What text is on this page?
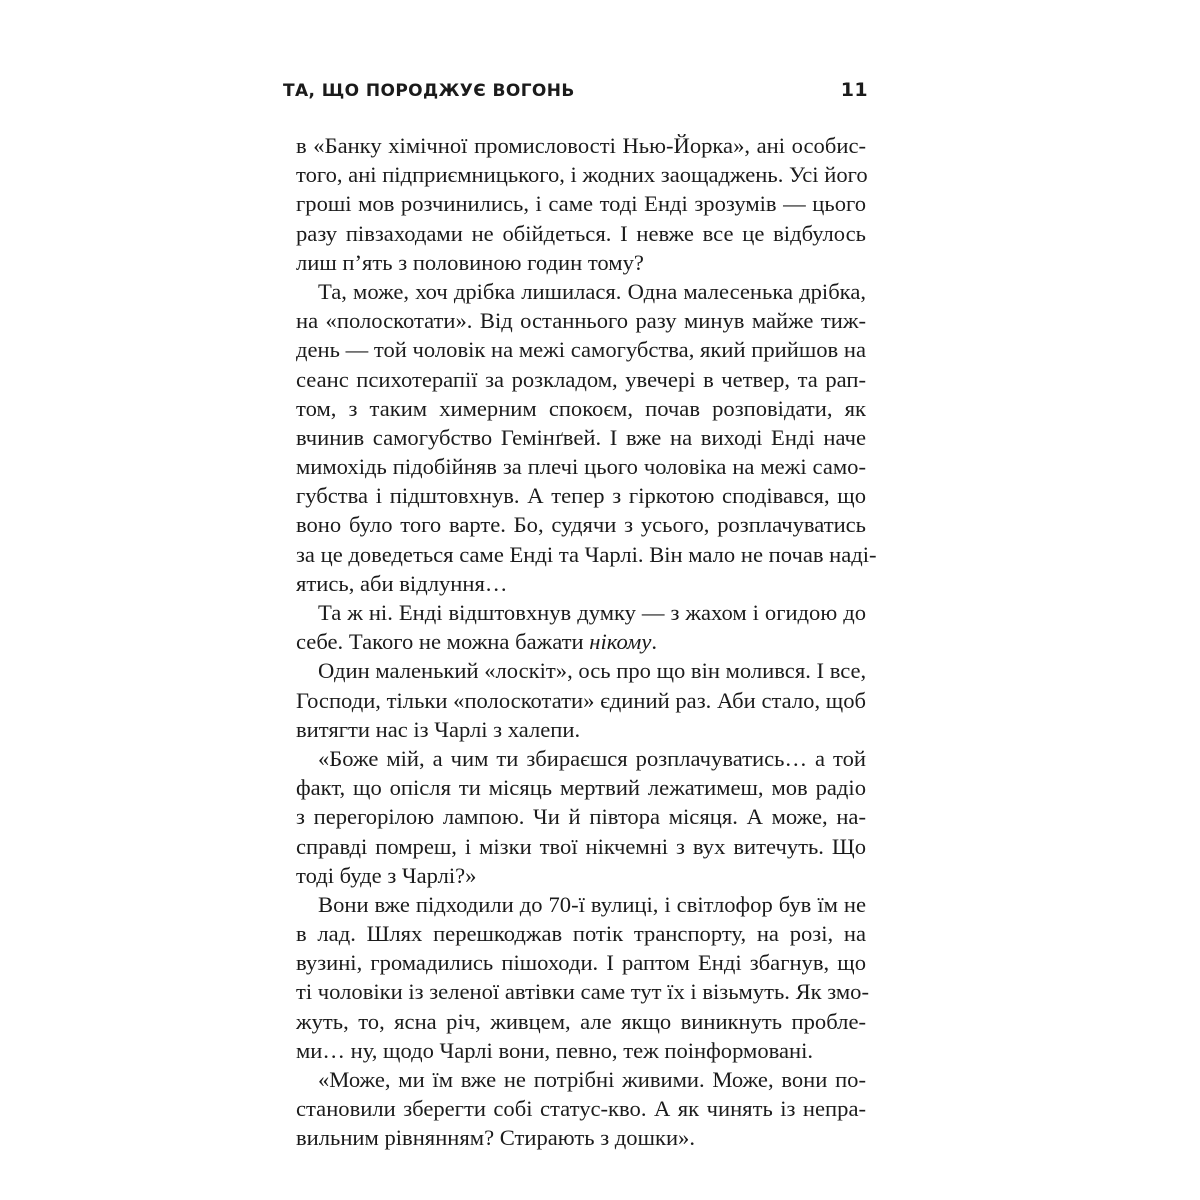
ТА, ЩО ПОРОДЖУЄ ВОГОНЬ	11

в «Банку хімічної промисловості Нью-Йорка», ані особис-
того, ані підприємницького, і жодних заощаджень. Усі його
гроші мов розчинились, і саме тоді Енді зрозумів — цього
разу півзаходами не обійдеться. І невже все це відбулось
лиш п’ять з половиною годин тому?

Та, може, хоч дрібка лишилася. Одна малесенька дрібка,
на «полоскотати». Від останнього разу минув майже тиж-
день — той чоловік на межі самогубства, який прийшов на
сеанс психотерапії за розкладом, увечері в четвер, та рап-
том, з таким химерним спокоєм, почав розповідати, як
вчинив самогубство Гемінґвей. І вже на виході Енді наче
мимохідь підобійняв за плечі цього чоловіка на межі само-
губства і підштовхнув. А тепер з гіркотою сподівався, що
воно було того варте. Бо, судячи з усього, розплачуватись
за це доведеться саме Енді та Чарлі. Він мало не почав наді-
ятись, аби відлуння…

Та ж ні. Енді відштовхнув думку — з жахом і огидою до
себе. Такого не можна бажати нікому.

Один маленький «лоскіт», ось про що він молився. І все,
Господи, тільки «полоскотати» єдиний раз. Аби стало, щоб
витягти нас із Чарлі з халепи.

«Боже мій, а чим ти збираєшся розплачуватись… а той
факт, що опісля ти місяць мертвий лежатимеш, мов радіо
з перегорілою лампою. Чи й півтора місяця. А може, на-
справді помреш, і мізки твої нікчемні з вух витечуть. Що
тоді буде з Чарлі?»

Вони вже підходили до 70-ї вулиці, і світлофор був їм не
в лад. Шлях перешкоджав потік транспорту, на розі, на
вузині, громадились пішоходи. І раптом Енді збагнув, що
ті чоловіки із зеленої автівки саме тут їх і візьмуть. Як змо-
жуть, то, ясна річ, живцем, але якщо виникнуть пробле-
ми… ну, щодо Чарлі вони, певно, теж поінформовані.

«Може, ми їм вже не потрібні живими. Може, вони по-
становили зберегти собі статус-кво. А як чинять із непра-
вильним рівнянням? Стирають з дошки».
